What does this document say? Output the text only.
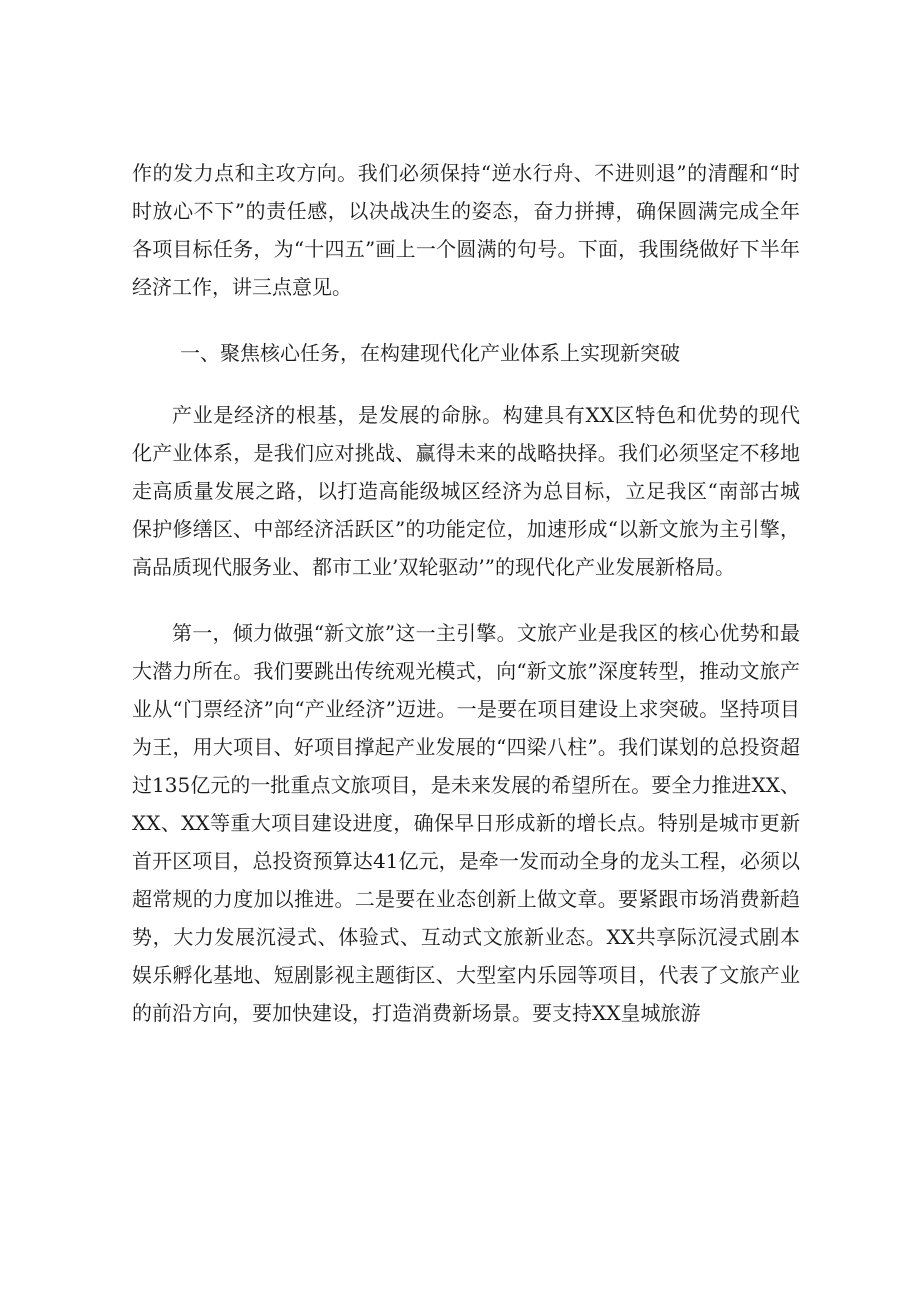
作的发力点和主攻方向。我们必须保持“逆水行舟、不进则退”的清醒和“时时放心不下”的责任感，以决战决生的姿态，奋力拼搏，确保圆满完成全年各项目标任务，为“十四五”画上一个圆满的句号。下面，我围绕做好下半年经济工作，讲三点意见。

一、聚焦核心任务，在构建现代化产业体系上实现新突破

产业是经济的根基，是发展的命脉。构建具有XX区特色和优势的现代化产业体系，是我们应对挑战、赢得未来的战略抉择。我们必须坚定不移地走高质量发展之路，以打造高能级城区经济为总目标，立足我区“南部古城保护修缮区、中部经济活跃区”的功能定位，加速形成“以新文旅为主引擎，高品质现代服务业、都市工业’双轮驱动’”的现代化产业发展新格局。

第一，倾力做强“新文旅”这一主引擎。文旅产业是我区的核心优势和最大潜力所在。我们要跳出传统观光模式，向“新文旅”深度转型，推动文旅产业从“门票经济”向“产业经济”迈进。一是要在项目建设上求突破。坚持项目为王，用大项目、好项目撑起产业发展的“四梁八柱”。我们谋划的总投资超过135亿元的一批重点文旅项目，是未来发展的希望所在。要全力推进XX、XX、XX等重大项目建设进度，确保早日形成新的增长点。特别是城市更新首开区项目，总投资预算达41亿元，是牵一发而动全身的龙头工程，必须以超常规的力度加以推进。二是要在业态创新上做文章。要紧跟市场消费新趋势，大力发展沉浸式、体验式、互动式文旅新业态。XX共享际沉浸式剧本娱乐孵化基地、短剧影视主题街区、大型室内乐园等项目，代表了文旅产业的前沿方向，要加快建设，打造消费新场景。要支持XX皇城旅游
